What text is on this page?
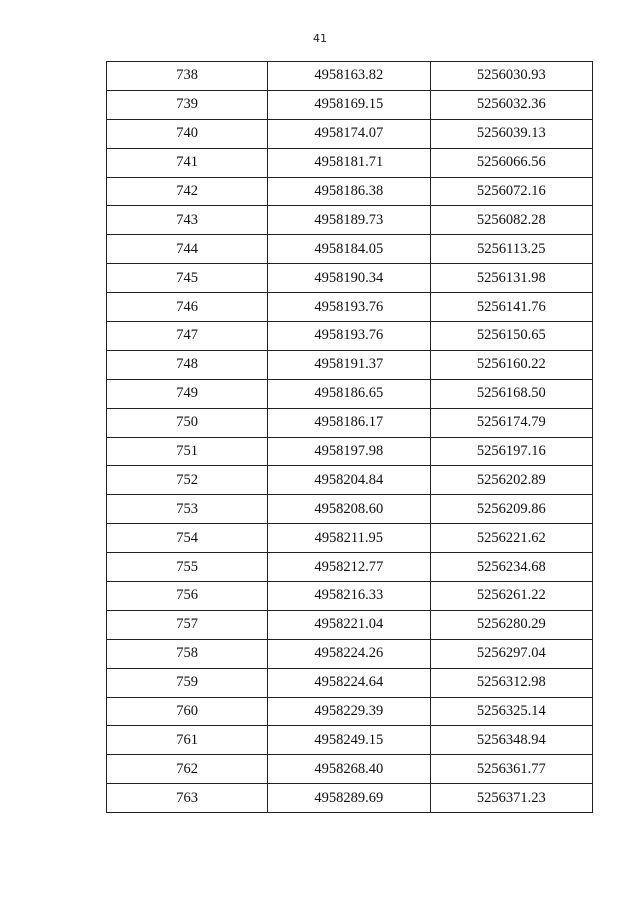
41
738	4958163.82	5256030.93
739	4958169.15	5256032.36
740	4958174.07	5256039.13
741	4958181.71	5256066.56
742	4958186.38	5256072.16
743	4958189.73	5256082.28
744	4958184.05	5256113.25
745	4958190.34	5256131.98
746	4958193.76	5256141.76
747	4958193.76	5256150.65
748	4958191.37	5256160.22
749	4958186.65	5256168.50
750	4958186.17	5256174.79
751	4958197.98	5256197.16
752	4958204.84	5256202.89
753	4958208.60	5256209.86
754	4958211.95	5256221.62
755	4958212.77	5256234.68
756	4958216.33	5256261.22
757	4958221.04	5256280.29
758	4958224.26	5256297.04
759	4958224.64	5256312.98
760	4958229.39	5256325.14
761	4958249.15	5256348.94
762	4958268.40	5256361.77
763	4958289.69	5256371.23
